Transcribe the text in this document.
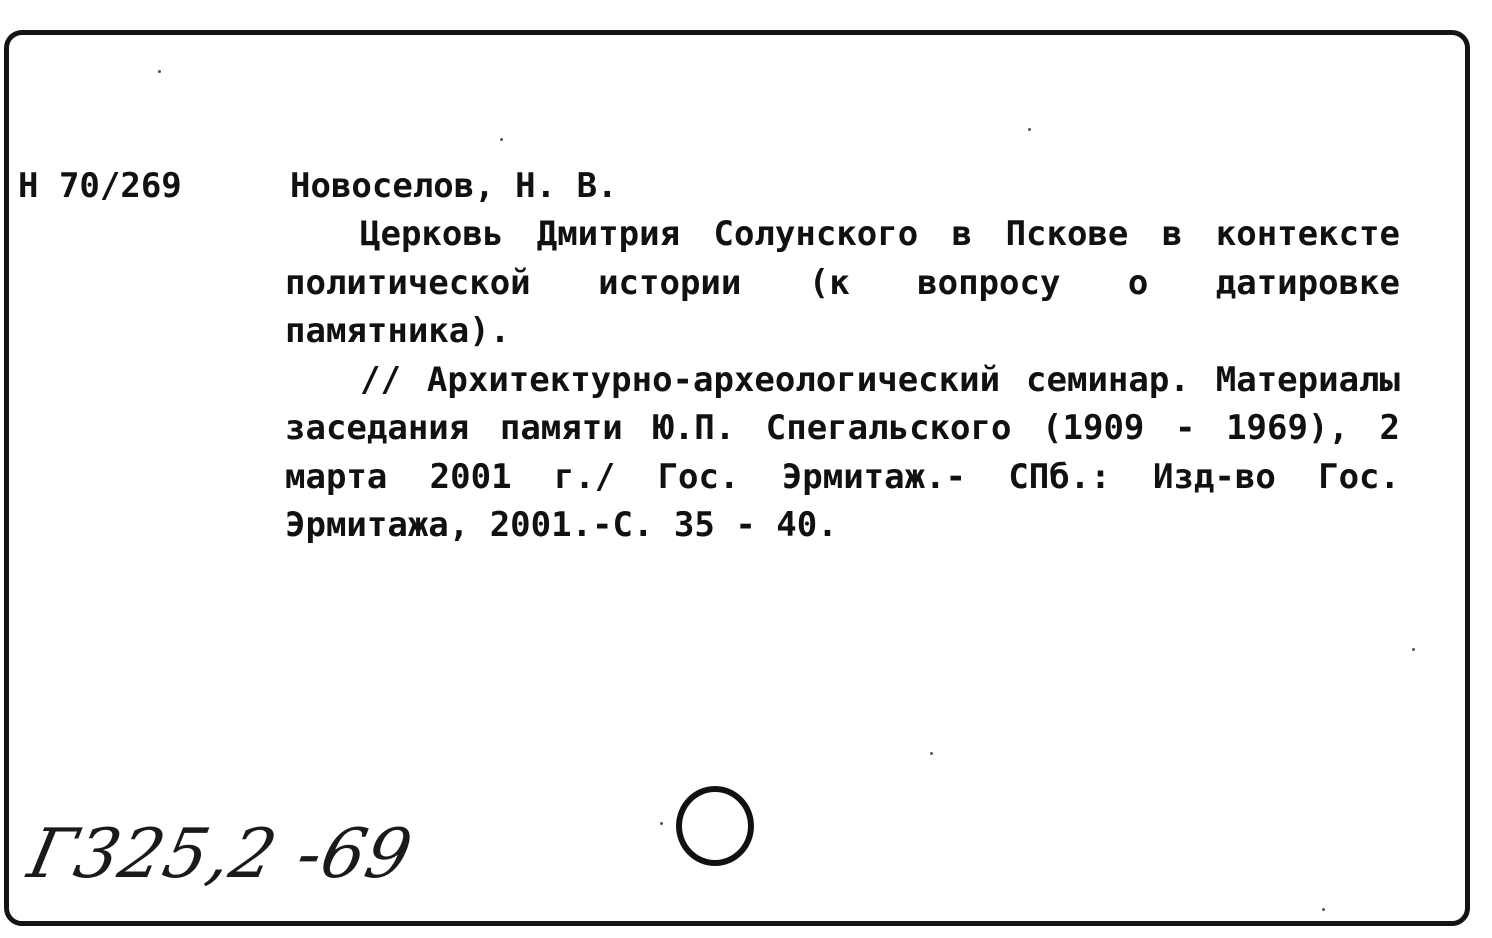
Н 70/269	Новоселов, Н. В.

Церковь Дмитрия Солунского в Пскове в контексте политической истории (к вопросу о датировке памятника).

// Архитектурно-археологический семинар. Материалы заседания памяти Ю.П. Спегальского (1909 - 1969), 2 марта 2001 г./ Гос. Эрмитаж.- СПб.: Изд-во Гос. Эрмитажа, 2001.-С. 35 - 40.

Г325,2 -69
